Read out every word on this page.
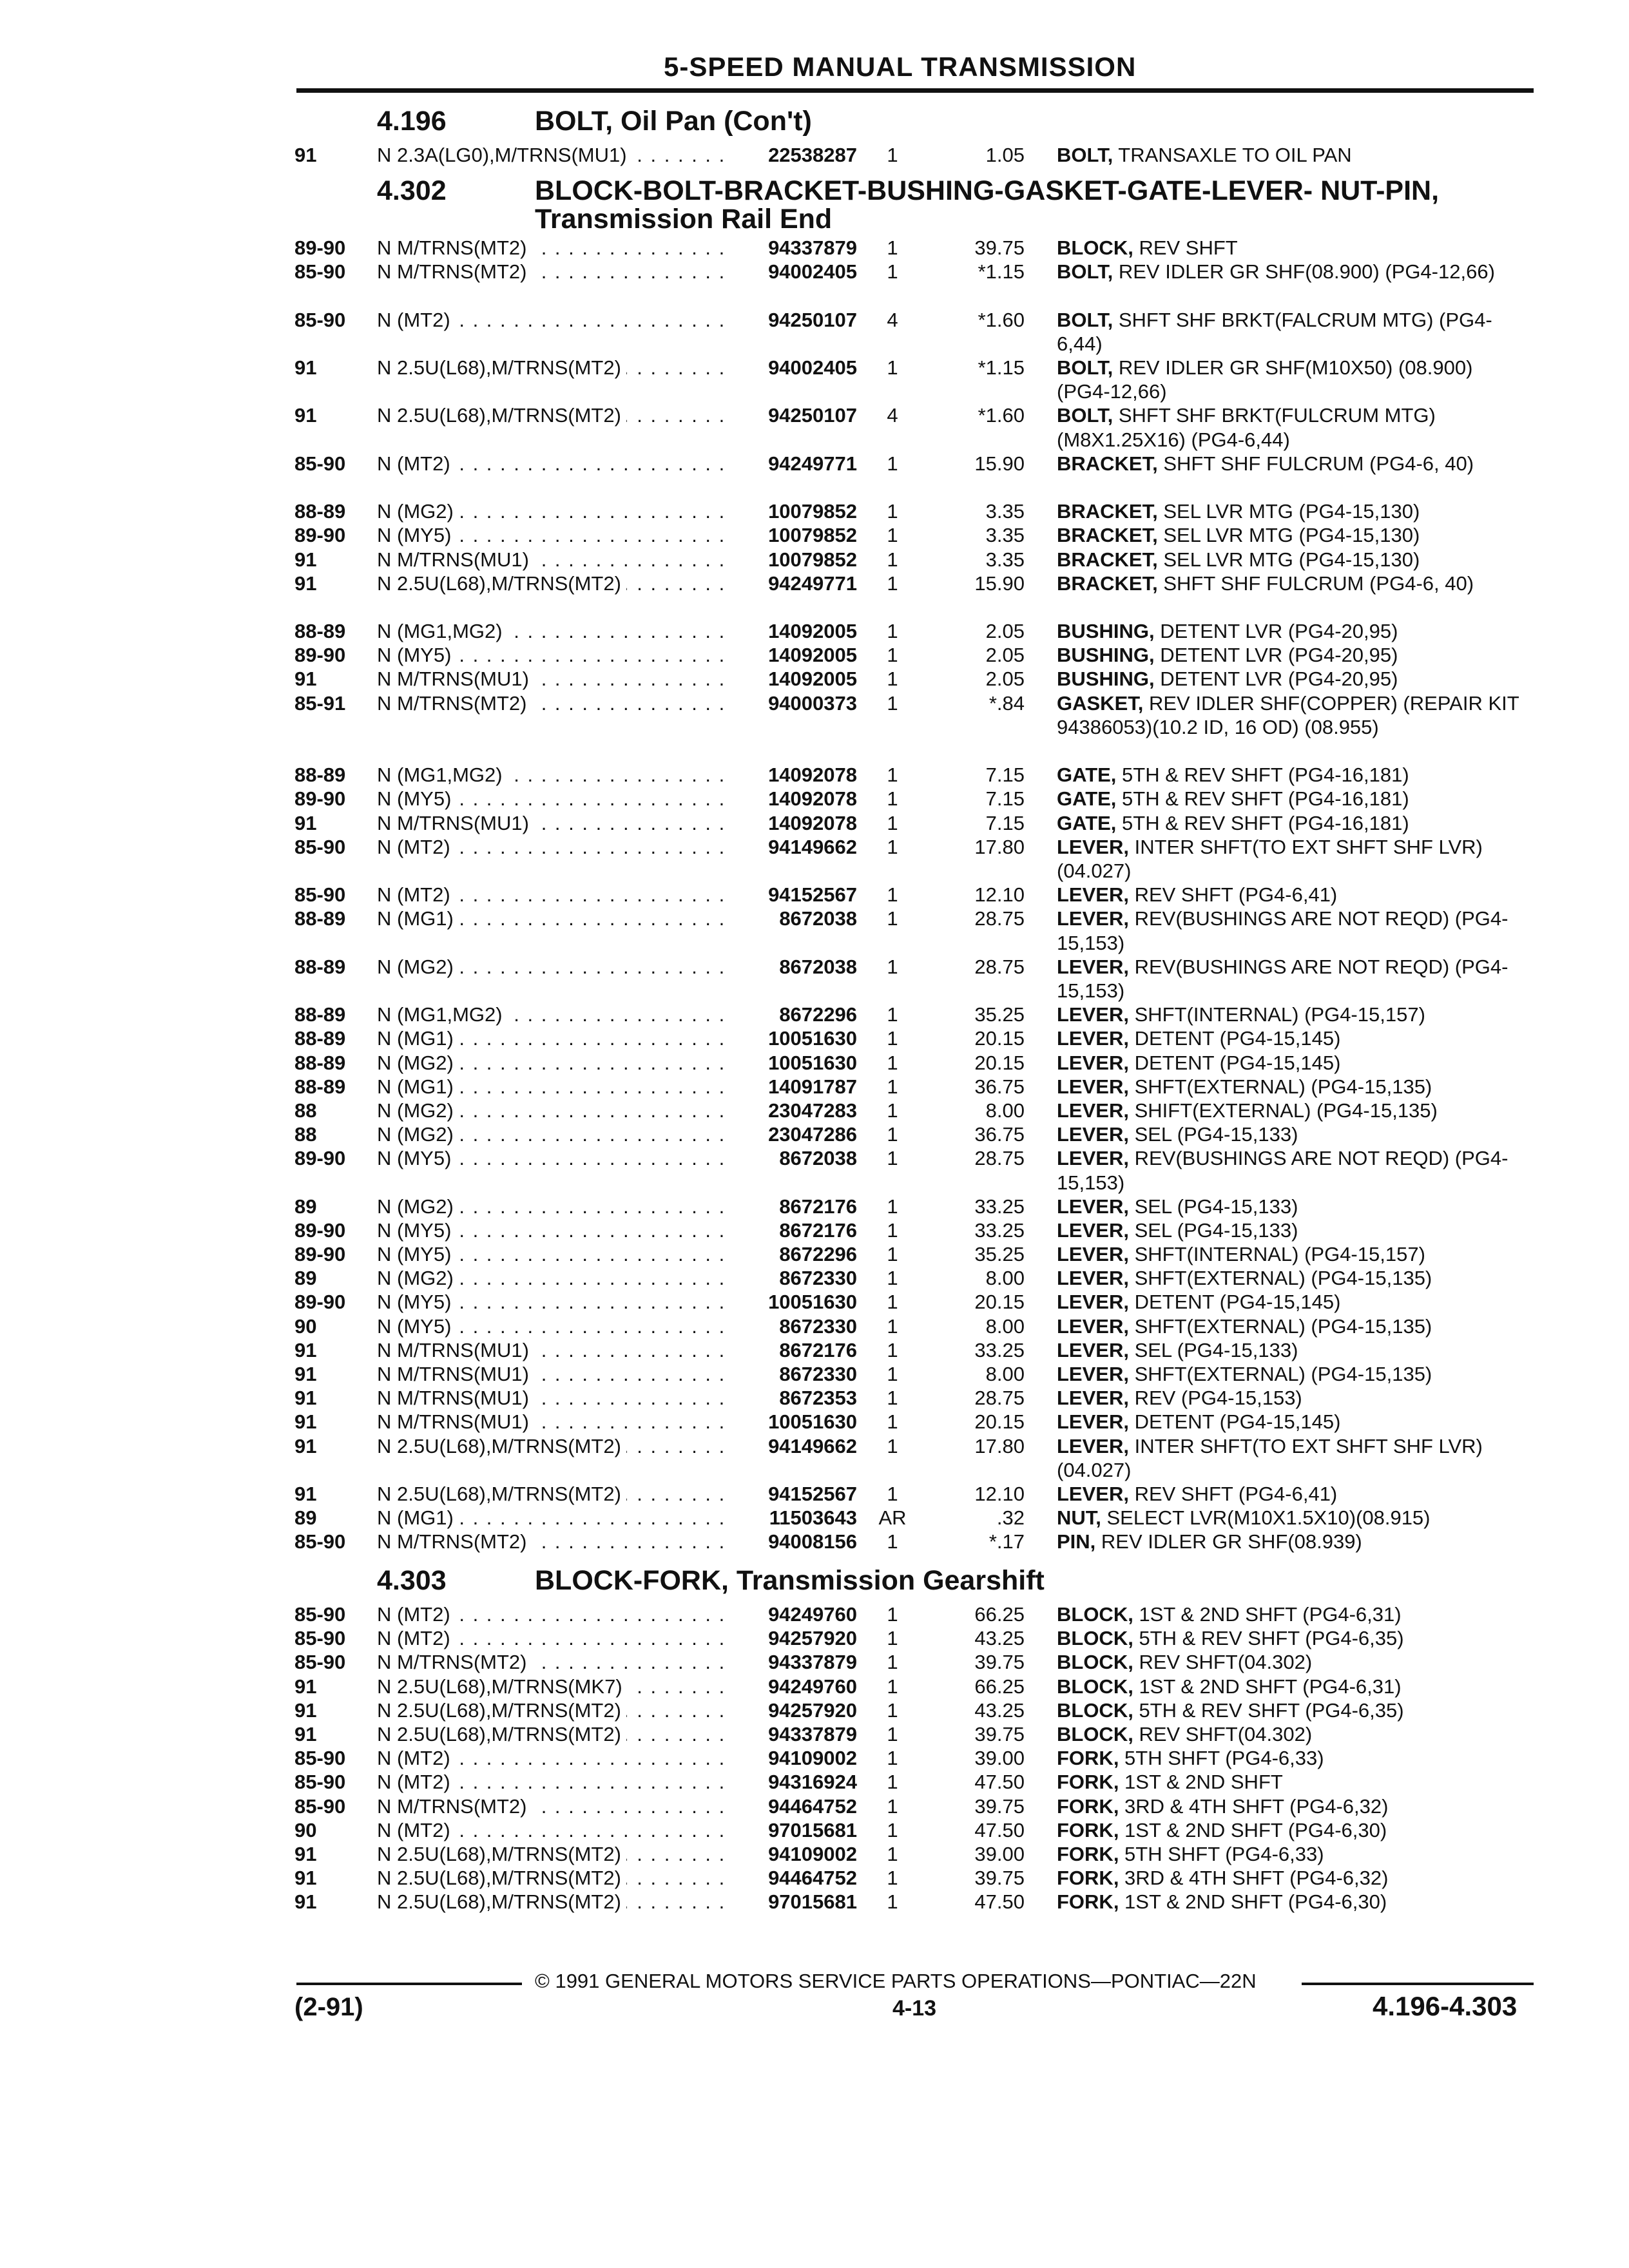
5-SPEED MANUAL TRANSMISSION
4.196	BOLT, Oil Pan (Con't)
91	N 2.3A(LG0),M/TRNS(MU1) . . .	22538287	1	1.05 BOLT, TRANSAXLE TO OIL PAN
4.302	BLOCK-BOLT-BRACKET-BUSHING-GASKET-GATE-LEVER- NUT-PIN,
Transmission Rail End
89-90 N M/TRNS(MT2) . . .	94337879	1	39.75 BLOCK, REV SHFT
85-90 N M/TRNS(MT2) . . .	94002405	1	*1.15 BOLT, REV IDLER GR SHF(08.900) (PG4-12,66)
85-90 N (MT2) . . .	94250107	4	*1.60 BOLT, SHFT SHF BRKT(FALCRUM MTG) (PG4-6,44)
91	N 2.5U(L68),M/TRNS(MT2) . . .	94002405	1	*1.15 BOLT, REV IDLER GR SHF(M10X50) (08.900) (PG4-12,66)
91	N 2.5U(L68),M/TRNS(MT2) . . .	94250107	4	*1.60 BOLT, SHFT SHF BRKT(FULCRUM MTG) (M8X1.25X16) (PG4-6,44)
85-90 N (MT2) . . .	94249771	1	15.90 BRACKET, SHFT SHF FULCRUM (PG4-6, 40)
88-89 N (MG2) . . .	10079852	1	3.35 BRACKET, SEL LVR MTG (PG4-15,130)
89-90 N (MY5) . . .	10079852	1	3.35 BRACKET, SEL LVR MTG (PG4-15,130)
91	N M/TRNS(MU1) . . .	10079852	1	3.35 BRACKET, SEL LVR MTG (PG4-15,130)
91	N 2.5U(L68),M/TRNS(MT2) . . .	94249771	1	15.90 BRACKET, SHFT SHF FULCRUM (PG4-6, 40)
88-89 N (MG1,MG2) . . .	14092005	1	2.05 BUSHING, DETENT LVR (PG4-20,95)
89-90 N (MY5) . . .	14092005	1	2.05 BUSHING, DETENT LVR (PG4-20,95)
91	N M/TRNS(MU1) . . .	14092005	1	2.05 BUSHING, DETENT LVR (PG4-20,95)
85-91 N M/TRNS(MT2) . . .	94000373	1	*.84 GASKET, REV IDLER SHF(COPPER) (REPAIR KIT 94386053)(10.2 ID, 16 OD) (08.955)
88-89 N (MG1,MG2) . . .	14092078	1	7.15 GATE, 5TH & REV SHFT (PG4-16,181)
89-90 N (MY5) . . .	14092078	1	7.15 GATE, 5TH & REV SHFT (PG4-16,181)
91	N M/TRNS(MU1) . . .	14092078	1	7.15 GATE, 5TH & REV SHFT (PG4-16,181)
85-90 N (MT2) . . .	94149662	1	17.80 LEVER, INTER SHFT(TO EXT SHFT SHF LVR)(04.027)
85-90 N (MT2) . . .	94152567	1	12.10 LEVER, REV SHFT (PG4-6,41)
88-89 N (MG1) . . .	8672038	1	28.75 LEVER, REV(BUSHINGS ARE NOT REQD) (PG4-15,153)
88-89 N (MG2) . . .	8672038	1	28.75 LEVER, REV(BUSHINGS ARE NOT REQD) (PG4-15,153)
88-89 N (MG1,MG2) . . .	8672296	1	35.25 LEVER, SHFT(INTERNAL) (PG4-15,157)
88-89 N (MG1) . . .	10051630	1	20.15 LEVER, DETENT (PG4-15,145)
88-89 N (MG2) . . .	10051630	1	20.15 LEVER, DETENT (PG4-15,145)
88-89 N (MG1) . . .	14091787	1	36.75 LEVER, SHFT(EXTERNAL) (PG4-15,135)
88	N (MG2) . . .	23047283	1	8.00 LEVER, SHIFT(EXTERNAL) (PG4-15,135)
88	N (MG2) . . .	23047286	1	36.75 LEVER, SEL (PG4-15,133)
89-90 N (MY5) . . .	8672038	1	28.75 LEVER, REV(BUSHINGS ARE NOT REQD) (PG4-15,153)
89	N (MG2) . . .	8672176	1	33.25 LEVER, SEL (PG4-15,133)
89-90 N (MY5) . . .	8672176	1	33.25 LEVER, SEL (PG4-15,133)
89-90 N (MY5) . . .	8672296	1	35.25 LEVER, SHFT(INTERNAL) (PG4-15,157)
89	N (MG2) . . .	8672330	1	8.00 LEVER, SHFT(EXTERNAL) (PG4-15,135)
89-90 N (MY5) . . .	10051630	1	20.15 LEVER, DETENT (PG4-15,145)
90	N (MY5) . . .	8672330	1	8.00 LEVER, SHFT(EXTERNAL) (PG4-15,135)
91	N M/TRNS(MU1) . . .	8672176	1	33.25 LEVER, SEL (PG4-15,133)
91	N M/TRNS(MU1) . . .	8672330	1	8.00 LEVER, SHFT(EXTERNAL) (PG4-15,135)
91	N M/TRNS(MU1) . . .	8672353	1	28.75 LEVER, REV (PG4-15,153)
91	N M/TRNS(MU1) . . .	10051630	1	20.15 LEVER, DETENT (PG4-15,145)
91	N 2.5U(L68),M/TRNS(MT2) . . .	94149662	1	17.80 LEVER, INTER SHFT(TO EXT SHFT SHF LVR)(04.027)
91	N 2.5U(L68),M/TRNS(MT2) . . .	94152567	1	12.10 LEVER, REV SHFT (PG4-6,41)
89	N (MG1) . . .	11503643	AR	.32 NUT, SELECT LVR(M10X1.5X10)(08.915)
85-90 N M/TRNS(MT2) . . .	94008156	1	*.17 PIN, REV IDLER GR SHF(08.939)
4.303	BLOCK-FORK, Transmission Gearshift
85-90 N (MT2) . . .	94249760	1	66.25 BLOCK, 1ST & 2ND SHFT (PG4-6,31)
85-90 N (MT2) . . .	94257920	1	43.25 BLOCK, 5TH & REV SHFT (PG4-6,35)
85-90 N M/TRNS(MT2) . . .	94337879	1	39.75 BLOCK, REV SHFT(04.302)
91	N 2.5U(L68),M/TRNS(MK7) . . .	94249760	1	66.25 BLOCK, 1ST & 2ND SHFT (PG4-6,31)
91	N 2.5U(L68),M/TRNS(MT2) . . .	94257920	1	43.25 BLOCK, 5TH & REV SHFT (PG4-6,35)
91	N 2.5U(L68),M/TRNS(MT2) . . .	94337879	1	39.75 BLOCK, REV SHFT(04.302)
85-90 N (MT2) . . .	94109002	1	39.00 FORK, 5TH SHFT (PG4-6,33)
85-90 N (MT2) . . .	94316924	1	47.50 FORK, 1ST & 2ND SHFT
85-90 N M/TRNS(MT2) . . .	94464752	1	39.75 FORK, 3RD & 4TH SHFT (PG4-6,32)
90	N (MT2) . . .	97015681	1	47.50 FORK, 1ST & 2ND SHFT (PG4-6,30)
91	N 2.5U(L68),M/TRNS(MT2) . . .	94109002	1	39.00 FORK, 5TH SHFT (PG4-6,33)
91	N 2.5U(L68),M/TRNS(MT2) . . .	94464752	1	39.75 FORK, 3RD & 4TH SHFT (PG4-6,32)
91	N 2.5U(L68),M/TRNS(MT2) . . .	97015681	1	47.50 FORK, 1ST & 2ND SHFT (PG4-6,30)
© 1991 GENERAL MOTORS SERVICE PARTS OPERATIONS—PONTIAC—22N
(2-91)	4-13	4.196-4.303
